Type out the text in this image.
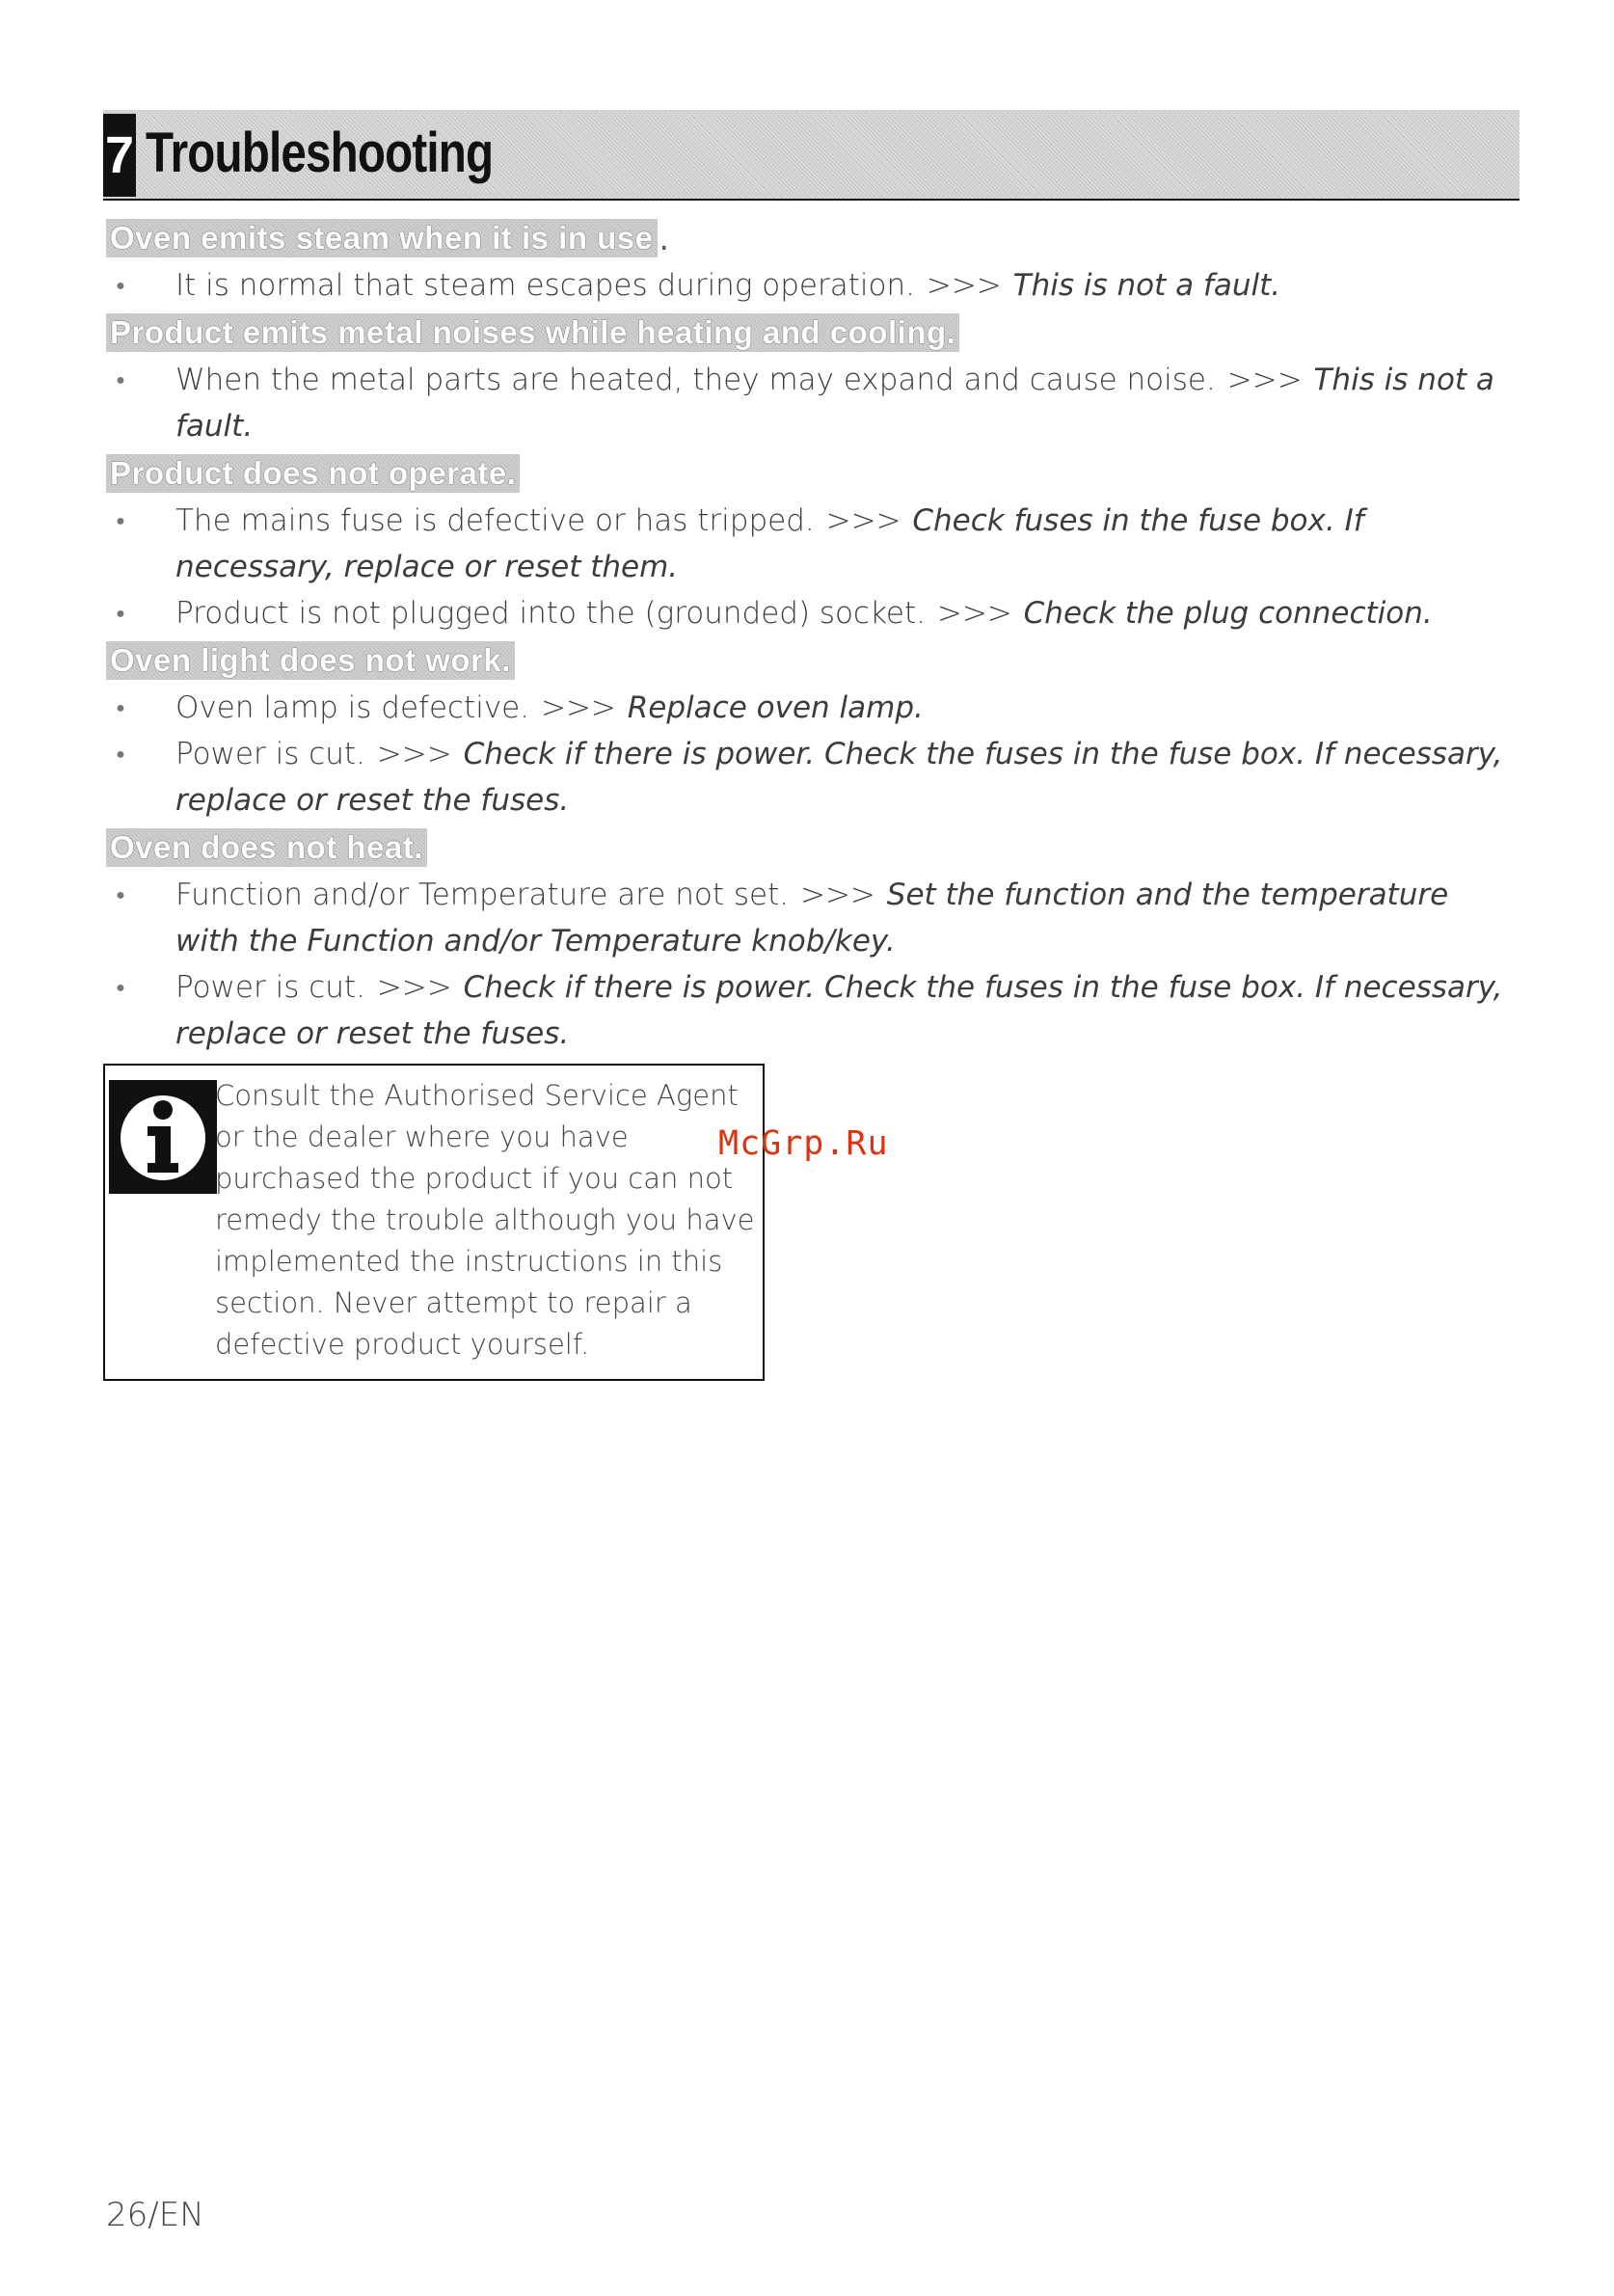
7 Troubleshooting
Oven emits steam when it is in use .
●	It is normal that steam escapes during operation. >>> This is not a fault.
Product emits metal noises while heating and cooling.
●	When the metal parts are heated, they may expand and cause noise. >>> This is not a fault.
Product does not operate.
●	The mains fuse is defective or has tripped. >>> Check fuses in the fuse box. If necessary, replace or reset them.
●	Product is not plugged into the (grounded) socket. >>> Check the plug connection.
Oven light does not work.
●	Oven lamp is defective. >>> Replace oven lamp.
●	Power is cut. >>> Check if there is power. Check the fuses in the fuse box. If necessary, replace or reset the fuses.
Oven does not heat.
●	Function and/or Temperature are not set. >>> Set the function and the temperature with the Function and/or Temperature knob/key.
●	Power is cut. >>> Check if there is power. Check the fuses in the fuse box. If necessary, replace or reset the fuses.
Consult the Authorised Service Agent or the dealer where you have purchased the product if you can not remedy the trouble although you have implemented the instructions in this section. Never attempt to repair a defective product yourself.
McGrp.Ru
26/EN
